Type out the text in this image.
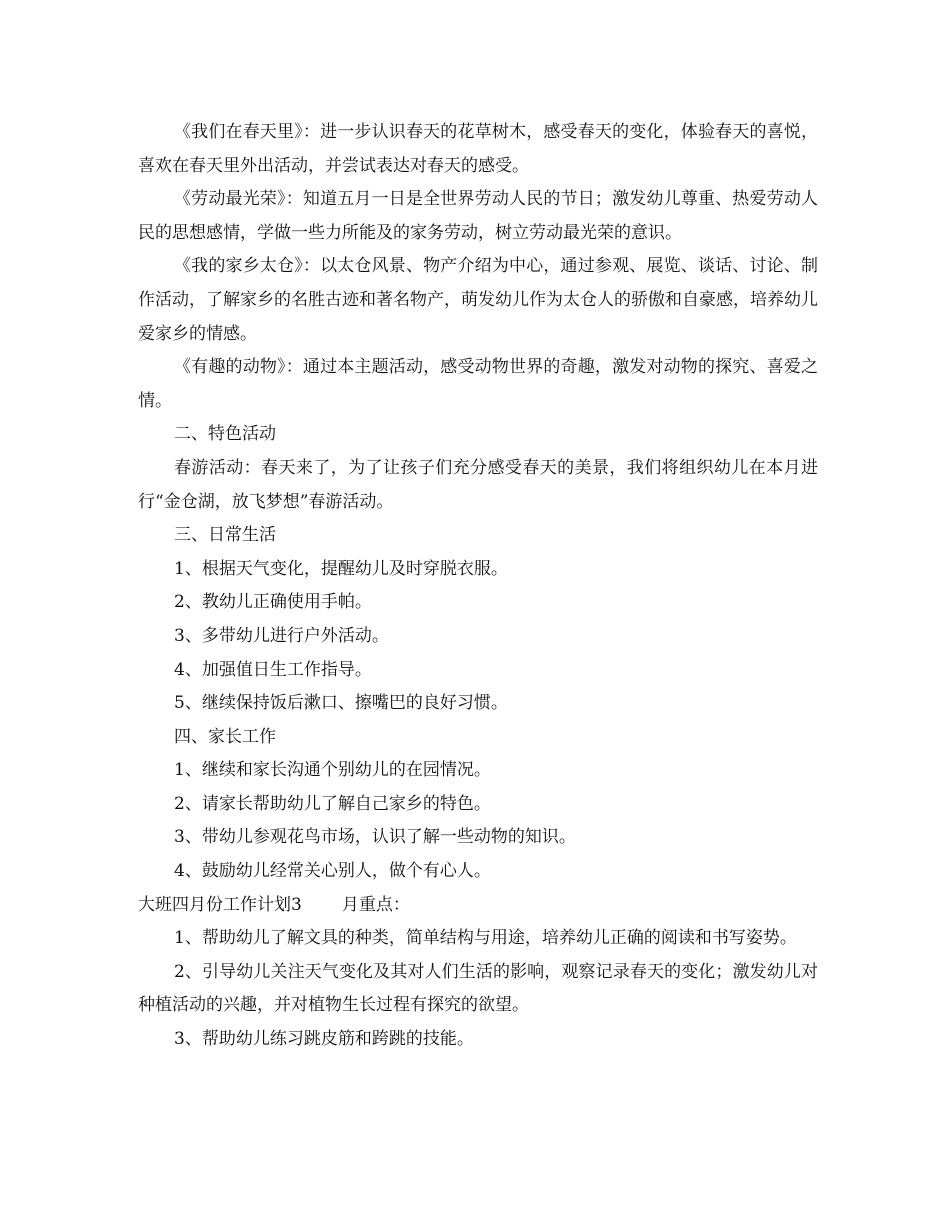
《我们在春天里》：进一步认识春天的花草树木，感受春天的变化，体验春天的喜悦，喜欢在春天里外出活动，并尝试表达对春天的感受。

《劳动最光荣》：知道五月一日是全世界劳动人民的节日；激发幼儿尊重、热爱劳动人民的思想感情，学做一些力所能及的家务劳动，树立劳动最光荣的意识。

《我的家乡太仓》：以太仓风景、物产介绍为中心，通过参观、展览、谈话、讨论、制作活动，了解家乡的名胜古迹和著名物产，萌发幼儿作为太仓人的骄傲和自豪感，培养幼儿爱家乡的情感。

《有趣的动物》：通过本主题活动，感受动物世界的奇趣，激发对动物的探究、喜爱之情。

二、特色活动

春游活动：春天来了，为了让孩子们充分感受春天的美景，我们将组织幼儿在本月进行“金仓湖，放飞梦想”春游活动。

三、日常生活

1、根据天气变化，提醒幼儿及时穿脱衣服。

2、教幼儿正确使用手帕。

3、多带幼儿进行户外活动。

4、加强值日生工作指导。

5、继续保持饭后漱口、擦嘴巴的良好习惯。

四、家长工作

1、继续和家长沟通个别幼儿的在园情况。

2、请家长帮助幼儿了解自己家乡的特色。

3、带幼儿参观花鸟市场，认识了解一些动物的知识。

4、鼓励幼儿经常关心别人，做个有心人。

大班四月份工作计划3 月重点：

1、帮助幼儿了解文具的种类，简单结构与用途，培养幼儿正确的阅读和书写姿势。

2、引导幼儿关注天气变化及其对人们生活的影响，观察记录春天的变化；激发幼儿对种植活动的兴趣，并对植物生长过程有探究的欲望。

3、帮助幼儿练习跳皮筋和跨跳的技能。
